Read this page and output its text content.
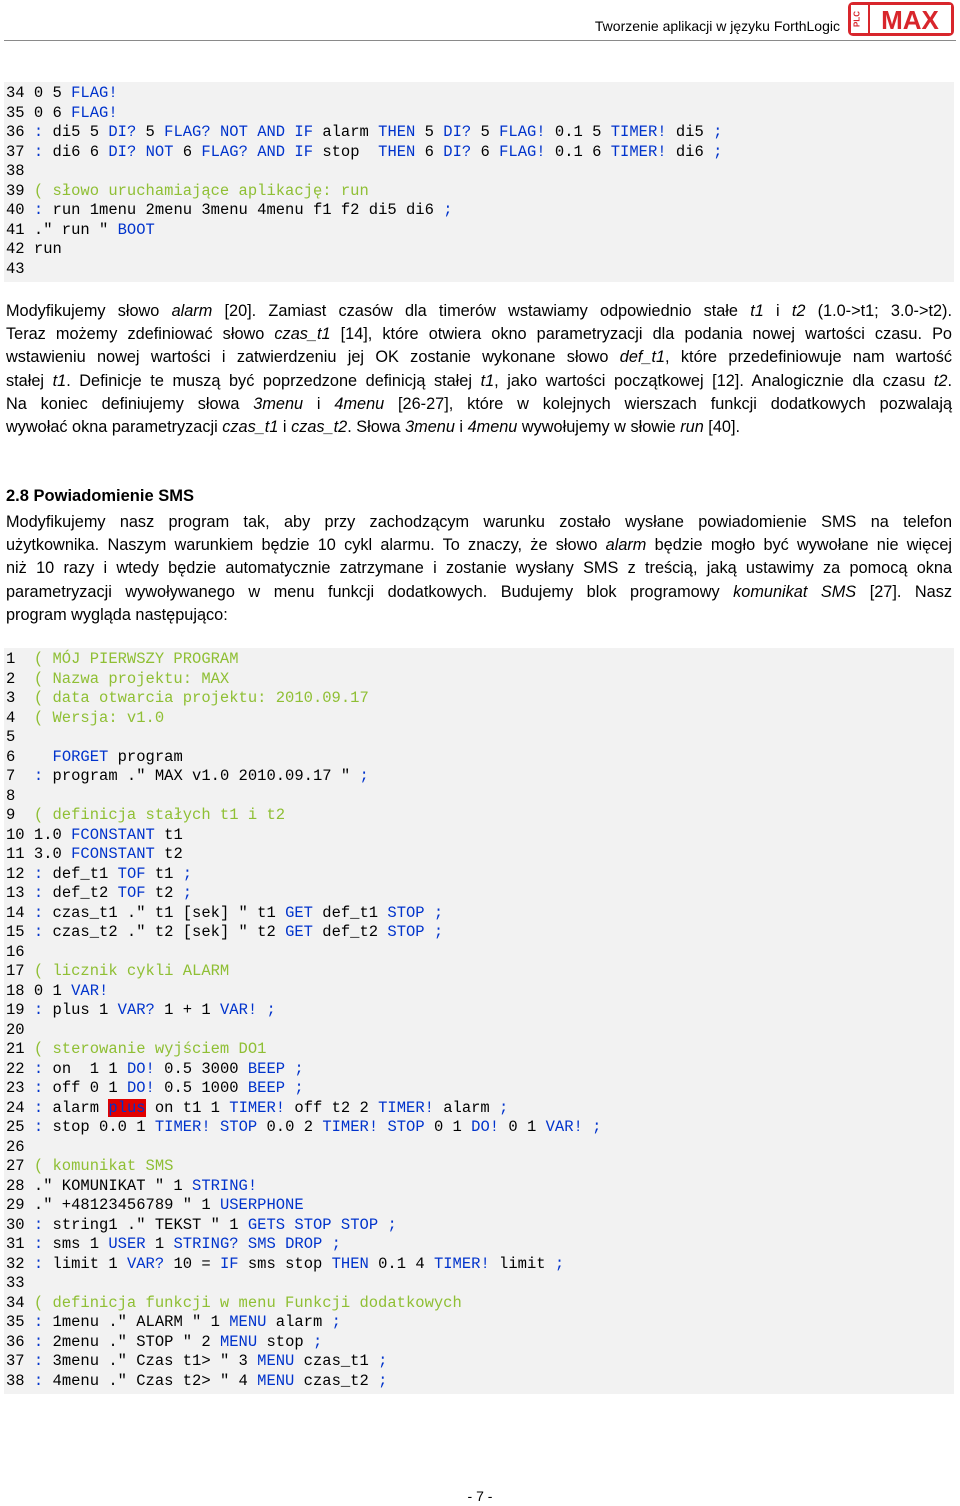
Tworzenie aplikacji w języku ForthLogic PLC MAX
34 0 5 FLAG!
35 0 6 FLAG!
36 : di5 5 DI? 5 FLAG? NOT AND IF alarm THEN 5 DI? 5 FLAG! 0.1 5 TIMER! di5 ;
37 : di6 6 DI? NOT 6 FLAG? AND IF stop  THEN 6 DI? 6 FLAG! 0.1 6 TIMER! di6 ;
38
39 ( słowo uruchamiające aplikację: run
40 : run 1menu 2menu 3menu 4menu f1 f2 di5 di6 ;
41 ." run " BOOT
42 run
43
Modyfikujemy słowo alarm [20]. Zamiast czasów dla timerów wstawiamy odpowiednio stałe t1 i t2 (1.0->t1; 3.0->t2).
Teraz możemy zdefiniować słowo czas_t1 [14], które otwiera okno parametryzacji dla podania nowej wartości czasu. Po
wstawieniu nowej wartości i zatwierdzeniu jej OK zostanie wykonane słowo def_t1, które przedefiniowuje nam wartość
stałej t1. Definicje te muszą być poprzedzone definicją stałej t1, jako wartości początkowej [12]. Analogicznie dla czasu t2.
Na koniec definiujemy słowa 3menu i 4menu [26-27], które w kolejnych wierszach funkcji dodatkowych pozwalają
wywołać okna parametryzacji czas_t1 i czas_t2. Słowa 3menu i 4menu wywołujemy w słowie run [40].
2.8 Powiadomienie SMS
Modyfikujemy nasz program tak, aby przy zachodzącym warunku zostało wysłane powiadomienie SMS na telefon
użytkownika. Naszym warunkiem będzie 10 cykl alarmu. To znaczy, że słowo alarm będzie mogło być wywołane nie więcej
niż 10 razy i wtedy będzie automatycznie zatrzymane i zostanie wysłany SMS z treścią, jaką ustawimy za pomocą okna
parametryzacji wywoływanego w menu funkcji dodatkowych. Budujemy blok programowy komunikat SMS [27]. Nasz
program wygląda następująco:
1  ( MÓJ PIERWSZY PROGRAM
2  ( Nazwa projektu: MAX
3  ( data otwarcia projektu: 2010.09.17
4  ( Wersja: v1.0
5
6    FORGET program
7  : program ." MAX v1.0 2010.09.17 " ;
8
9  ( definicja stałych t1 i t2
10 1.0 FCONSTANT t1
11 3.0 FCONSTANT t2
12 : def_t1 TOF t1 ;
13 : def_t2 TOF t2 ;
14 : czas_t1 ." t1 [sek] " t1 GET def_t1 STOP ;
15 : czas_t2 ." t2 [sek] " t2 GET def_t2 STOP ;
16
17 ( licznik cykli ALARM
18 0 1 VAR!
19 : plus 1 VAR? 1 + 1 VAR! ;
20
21 ( sterowanie wyjściem DO1
22 : on  1 1 DO! 0.5 3000 BEEP ;
23 : off 0 1 DO! 0.5 1000 BEEP ;
24 : alarm plus on t1 1 TIMER! off t2 2 TIMER! alarm ;
25 : stop 0.0 1 TIMER! STOP 0.0 2 TIMER! STOP 0 1 DO! 0 1 VAR! ;
26
27 ( komunikat SMS
28 ." KOMUNIKAT " 1 STRING!
29 ." +48123456789 " 1 USERPHONE
30 : string1 ." TEKST " 1 GETS STOP STOP ;
31 : sms 1 USER 1 STRING? SMS DROP ;
32 : limit 1 VAR? 10 = IF sms stop THEN 0.1 4 TIMER! limit ;
33
34 ( definicja funkcji w menu Funkcji dodatkowych
35 : 1menu ." ALARM " 1 MENU alarm ;
36 : 2menu ." STOP " 2 MENU stop ;
37 : 3menu ." Czas t1> " 3 MENU czas_t1 ;
38 : 4menu ." Czas t2> " 4 MENU czas_t2 ;
- 7 -
